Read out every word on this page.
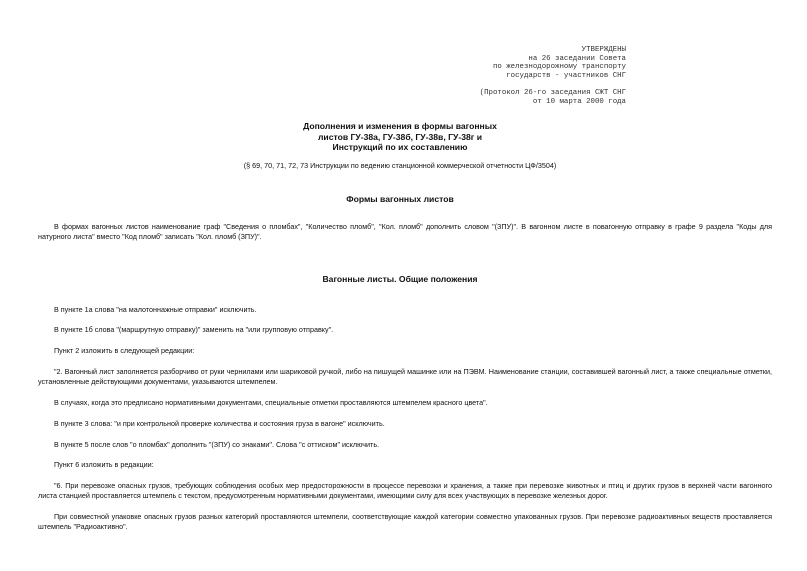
УТВЕРЖДЕНЫ
на 26 заседании Совета
по железнодорожному транспорту
государств - участников СНГ
(Протокол 26-го заседания СЖТ СНГ
от 10 марта 2000 года
Дополнения и изменения в формы вагонных
листов ГУ-38а, ГУ-38б, ГУ-38в, ГУ-38г и
Инструкций по их составлению
(§ 69, 70, 71, 72, 73 Инструкции по ведению станционной коммерческой отчетности ЦФ/3504)
Формы вагонных листов

В формах вагонных листов наименование граф "Сведения о пломбах", "Количество пломб", "Кол. пломб" дополнить словом "(ЗПУ)". В вагонном листе в повагонную отправку в графе 9 раздела "Коды для натурного листа" вместо "Код пломб" записать "Кол. пломб (ЗПУ)".

Вагонные листы. Общие положения

В пункте 1а слова "на малотоннажные отправки" исключить.

В пункте 1б слова "(маршрутную отправку)" заменить на "или групповую отправку".

Пункт 2 изложить в следующей редакции:

"2. Вагонный лист заполняется разборчиво от руки чернилами или шариковой ручкой, либо на пишущей машинке или на ПЭВМ. Наименование станции, составившей вагонный лист, а также специальные отметки, установленные действующими документами, указываются штемпелем.

В случаях, когда это предписано нормативными документами, специальные отметки проставляются штемпелем красного цвета".

В пункте 3 слова: "и при контрольной проверке количества и состояния груза в вагоне" исключить.

В пункте 5 после слов "о пломбах" дополнить "(ЗПУ) со знаками". Слова "с оттиском" исключить.

Пункт 6 изложить в редакции:

"6. При перевозке опасных грузов, требующих соблюдения особых мер предосторожности в процессе перевозки и хранения, а также при перевозке животных и птиц и других грузов в верхней части вагонного листа станцией проставляется штемпель с текстом, предусмотренным нормативными документами, имеющими силу для всех участвующих в перевозке железных дорог.

При совместной упаковке опасных грузов разных категорий проставляются штемпели, соответствующие каждой категории совместно упакованных грузов. При перевозке радиоактивных веществ проставляется штемпель "Радиоактивно".
